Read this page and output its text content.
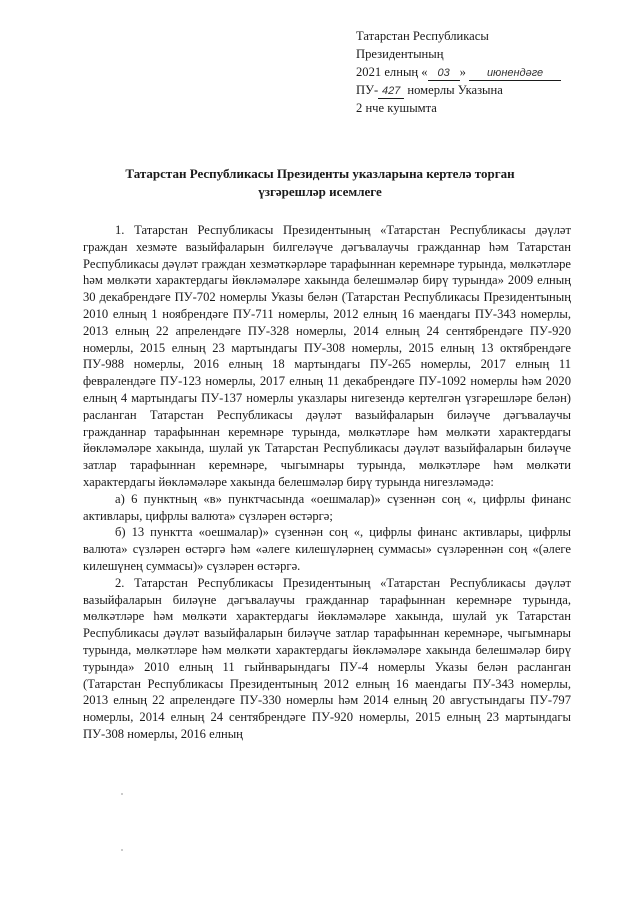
Татарстан Республикасы
Президентының
2021 елның « 03 » июнендәге
ПУ- 427 номерлы Указына
2 нче кушымта
Татарстан Республикасы Президенты указларына кертелә торган
үзгәрешләр исемлеге

1. Татарстан Республикасы Президентының «Татарстан Республикасы дәүләт граждан хезмәте вазыйфаларын билгеләүче дәгъвалаучы гражданнар һәм Татарстан Республикасы дәүләт граждан хезмәткәрләре тарафыннан керемнәре турында, мөлкәтләре һәм мөлкәти характердагы йөкләмәләре хакында белешмәләр бирү турында» 2009 елның 30 декабрендәге ПУ-702 номерлы Указы белән (Татарстан Республикасы Президентының 2010 елның 1 ноябрендәге ПУ-711 номерлы, 2012 елның 16 маендагы ПУ-343 номерлы, 2013 елның 22 апрелендәге ПУ-328 номерлы, 2014 елның 24 сентябрендәге ПУ-920 номерлы, 2015 елның 23 мартындагы ПУ-308 номерлы, 2015 елның 13 октябрендәге ПУ-988 номерлы, 2016 елның 18 мартындагы ПУ-265 номерлы, 2017 елның 11 февралендәге ПУ-123 номерлы, 2017 елның 11 декабрендәге ПУ-1092 номерлы һәм 2020 елның 4 мартындагы ПУ-137 номерлы указлары нигезендә кертелгән үзгәрешләре белән) расланган Татарстан Республикасы дәүләт вазыйфаларын биләүче дәгъвалаучы гражданнар тарафыннан керемнәре турында, мөлкәтләре һәм мөлкәти характердагы йөкләмәләре хакында, шулай ук Татарстан Республикасы дәүләт вазыйфаларын биләүче затлар тарафыннан керемнәре, чыгымнары турында, мөлкәтләре һәм мөлкәти характердагы йөкләмәләре хакында белешмәләр бирү турында нигезләмәдә:

а) 6 пунктның «в» пунктчасында «оешмалар)» сүзеннән соң «, цифрлы финанс активлары, цифрлы валюта» сүзләрен өстәргә;

б) 13 пунктта «оешмалар)» сүзеннән соң «, цифрлы финанс активлары, цифрлы валюта» сүзләрен өстәргә һәм «әлеге килешүләрнең суммасы» сүзләреннән соң «(әлеге килешүнең суммасы)» сүзләрен өстәргә.

2. Татарстан Республикасы Президентының «Татарстан Республикасы дәүләт вазыйфаларын биләүне дәгъвалаучы гражданнар тарафыннан керемнәре турында, мөлкәтләре һәм мөлкәти характердагы йөкләмәләре хакында, шулай ук Татарстан Республикасы дәүләт вазыйфаларын биләүче затлар тарафыннан керемнәре, чыгымнары турында, мөлкәтләре һәм мөлкәти характердагы йөкләмәләре хакында белешмәләр бирү турында» 2010 елның 11 гыйнварындагы ПУ-4 номерлы Указы белән расланган (Татарстан Республикасы Президентының 2012 елның 16 маендагы ПУ-343 номерлы, 2013 елның 22 апрелендәге ПУ-330 номерлы һәм 2014 елның 20 августындагы ПУ-797 номерлы, 2014 елның 24 сентябрендәге ПУ-920 номерлы, 2015 елның 23 мартындагы ПУ-308 номерлы, 2016 елның
